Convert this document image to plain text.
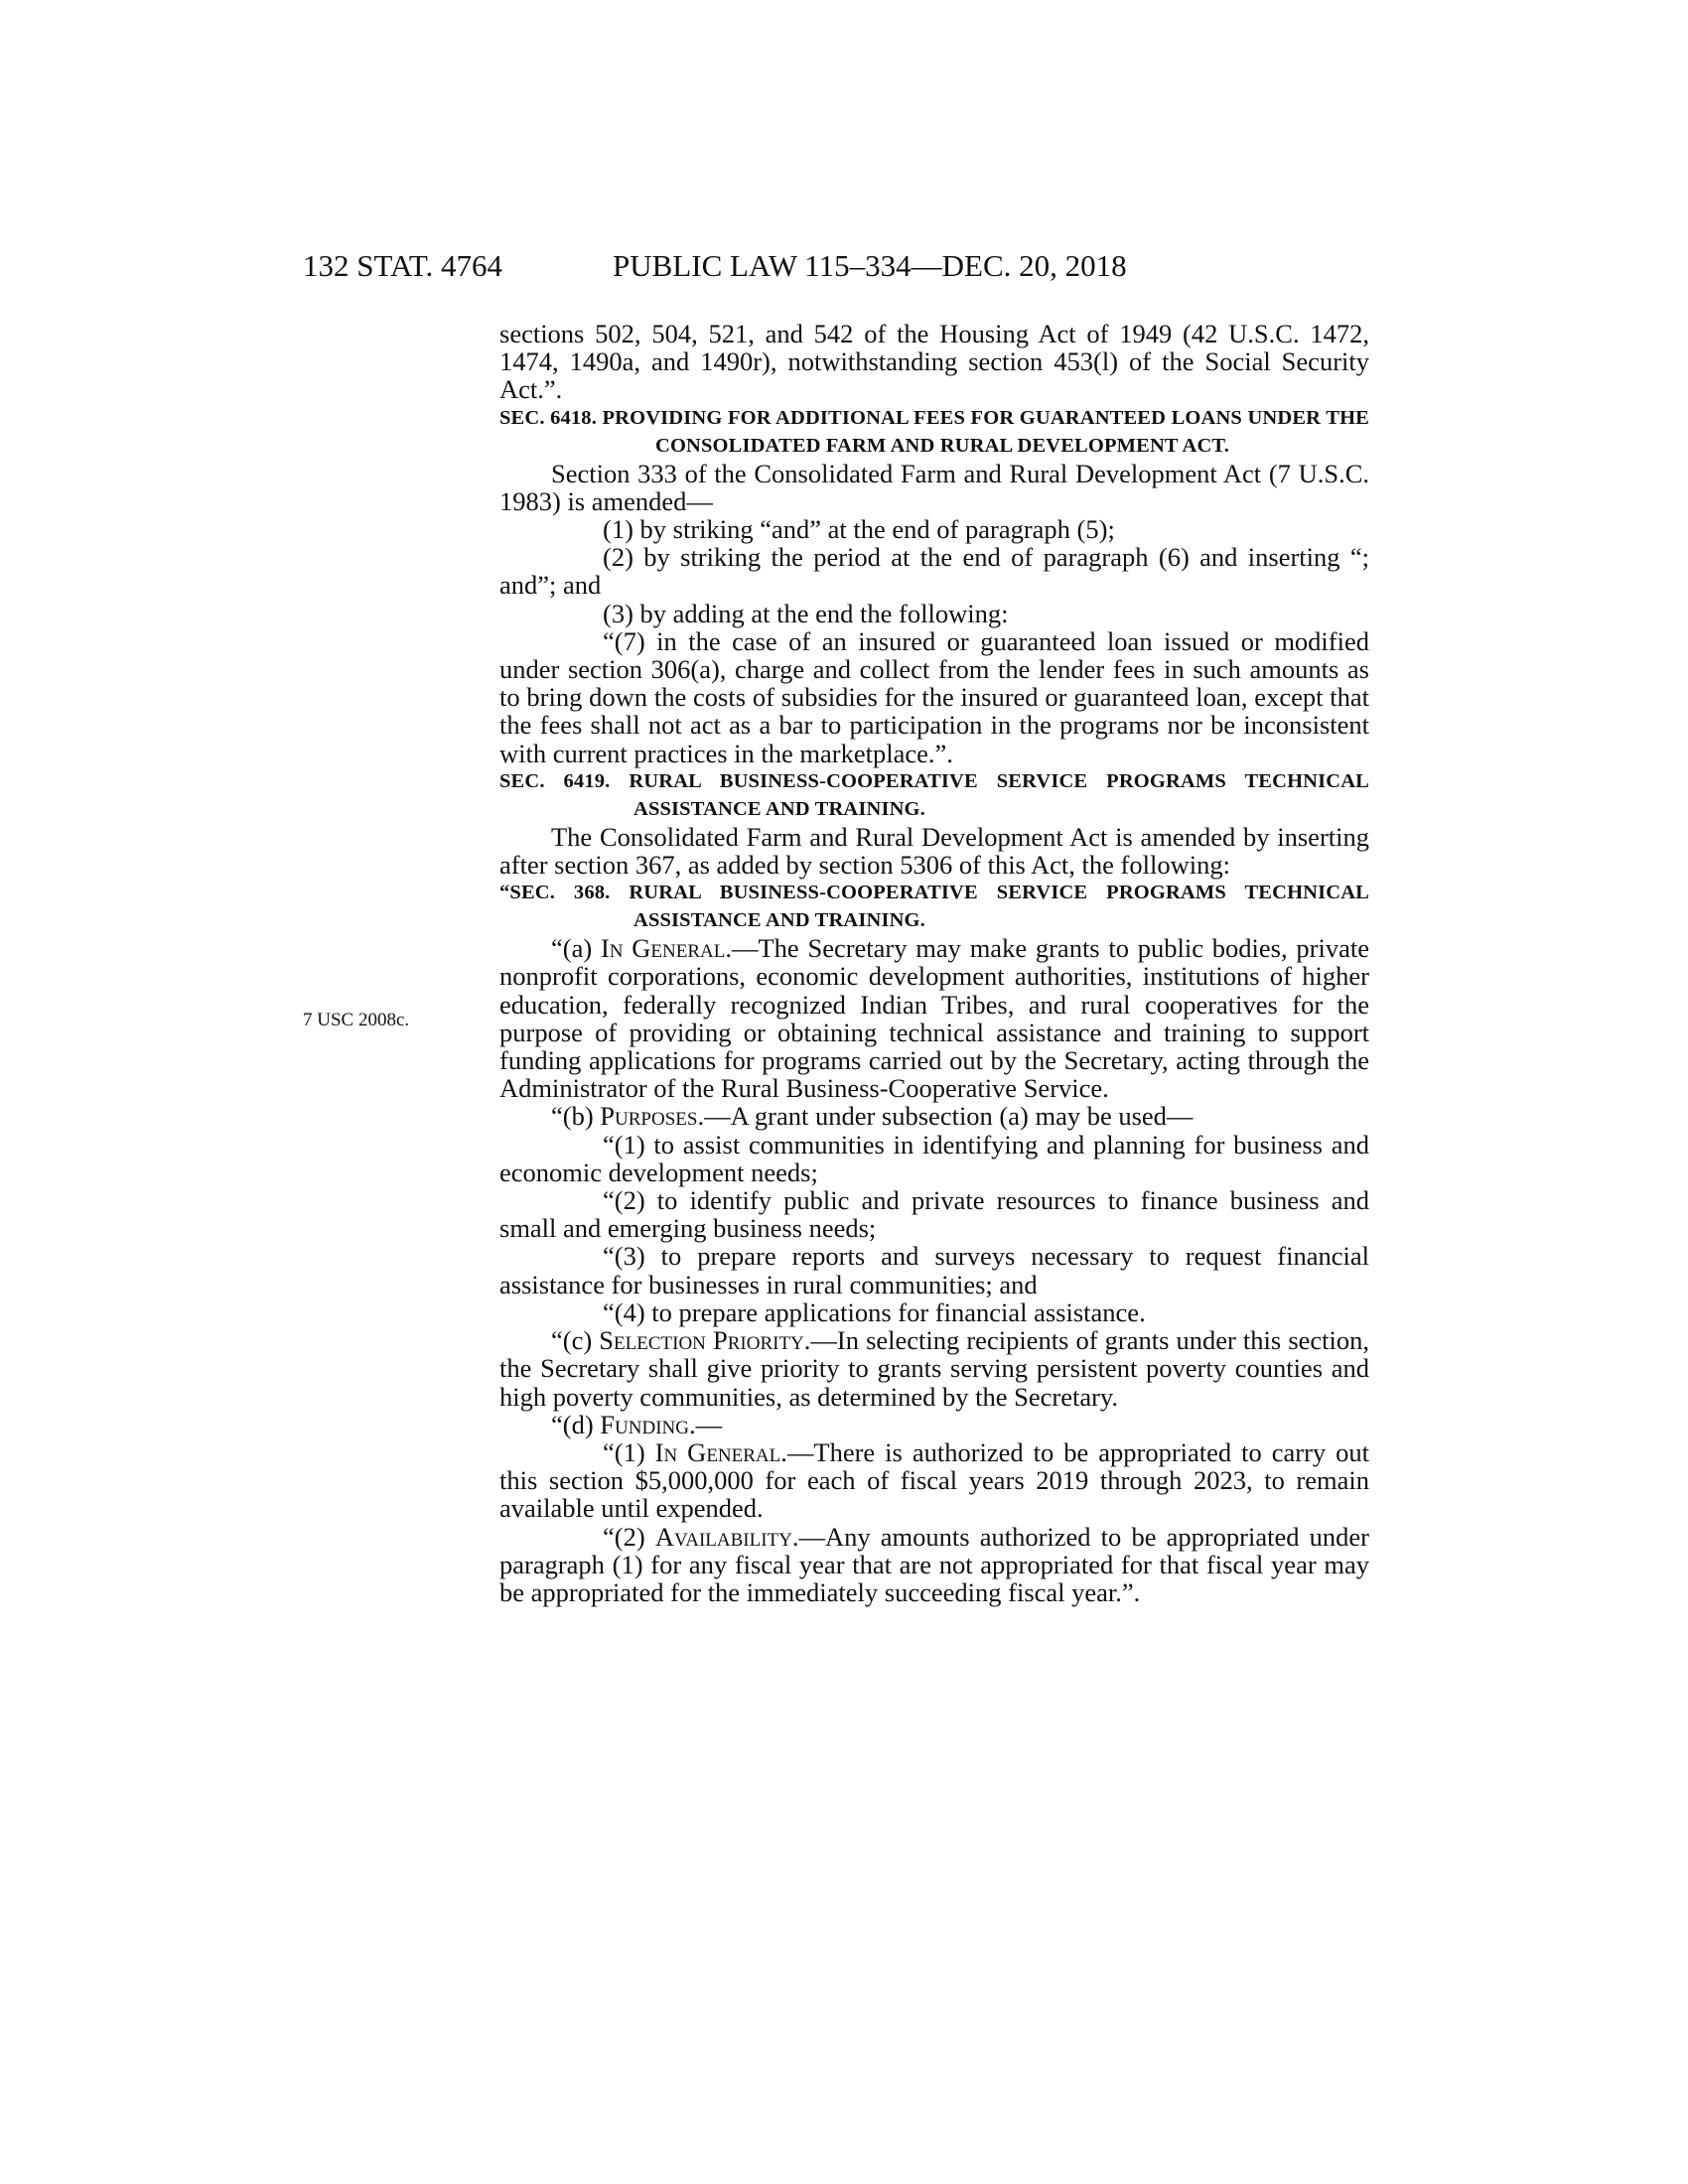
132 STAT. 4764	PUBLIC LAW 115–334—DEC. 20, 2018
7 USC 2008c.

sections 502, 504, 521, and 542 of the Housing Act of 1949 (42 U.S.C. 1472, 1474, 1490a, and 1490r), notwithstanding section 453(l) of the Social Security Act.”.

SEC. 6418. PROVIDING FOR ADDITIONAL FEES FOR GUARANTEED LOANS UNDER THE CONSOLIDATED FARM AND RURAL DEVELOPMENT ACT.

Section 333 of the Consolidated Farm and Rural Development Act (7 U.S.C. 1983) is amended—

(1) by striking “and” at the end of paragraph (5);

(2) by striking the period at the end of paragraph (6) and inserting “; and”; and

(3) by adding at the end the following:

“(7) in the case of an insured or guaranteed loan issued or modified under section 306(a), charge and collect from the lender fees in such amounts as to bring down the costs of subsidies for the insured or guaranteed loan, except that the fees shall not act as a bar to participation in the programs nor be inconsistent with current practices in the marketplace.”.

SEC. 6419. RURAL BUSINESS-COOPERATIVE SERVICE PROGRAMS TECHNICAL ASSISTANCE AND TRAINING.

The Consolidated Farm and Rural Development Act is amended by inserting after section 367, as added by section 5306 of this Act, the following:

“SEC. 368. RURAL BUSINESS-COOPERATIVE SERVICE PROGRAMS TECHNICAL ASSISTANCE AND TRAINING.

“(a) In General.—The Secretary may make grants to public bodies, private nonprofit corporations, economic development authorities, institutions of higher education, federally recognized Indian Tribes, and rural cooperatives for the purpose of providing or obtaining technical assistance and training to support funding applications for programs carried out by the Secretary, acting through the Administrator of the Rural Business-Cooperative Service.

“(b) Purposes.—A grant under subsection (a) may be used—

“(1) to assist communities in identifying and planning for business and economic development needs;

“(2) to identify public and private resources to finance business and small and emerging business needs;

“(3) to prepare reports and surveys necessary to request financial assistance for businesses in rural communities; and

“(4) to prepare applications for financial assistance.

“(c) Selection Priority.—In selecting recipients of grants under this section, the Secretary shall give priority to grants serving persistent poverty counties and high poverty communities, as determined by the Secretary.

“(d) Funding.—

“(1) In General.—There is authorized to be appropriated to carry out this section $5,000,000 for each of fiscal years 2019 through 2023, to remain available until expended.

“(2) Availability.—Any amounts authorized to be appropriated under paragraph (1) for any fiscal year that are not appropriated for that fiscal year may be appropriated for the immediately succeeding fiscal year.”.
